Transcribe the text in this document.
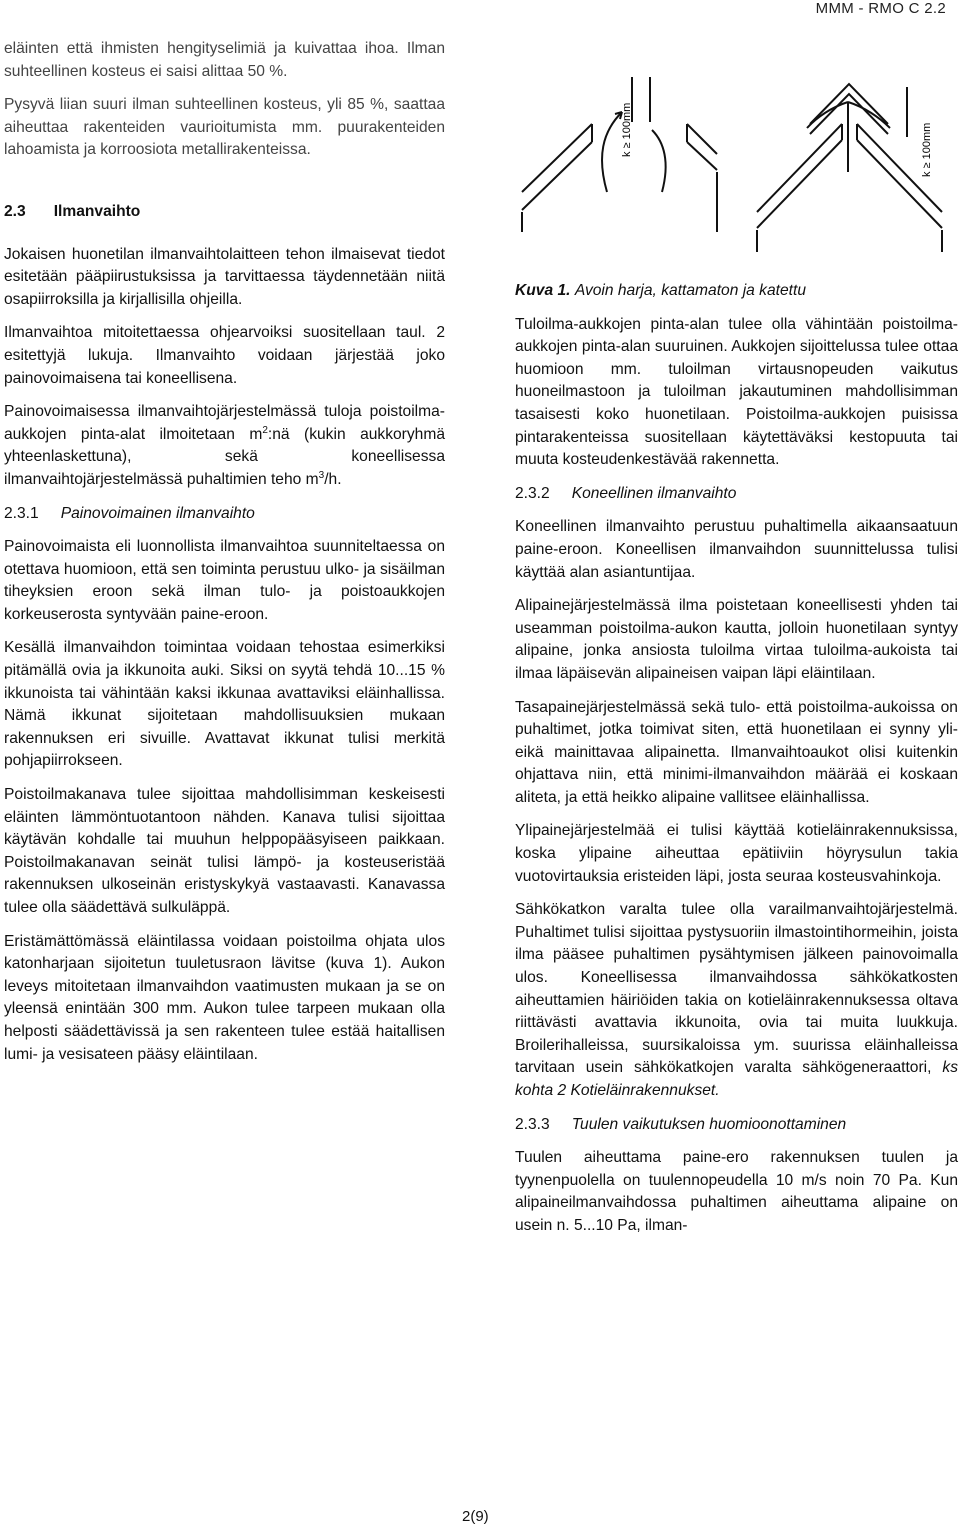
MMM - RMO C 2.2

eläinten että ihmisten hengityselimiä ja kuivattaa ihoa. Ilman suhteellinen kosteus ei saisi alittaa 50 %.

Pysyvä liian suuri ilman suhteellinen kosteus, yli 85 %, saattaa aiheuttaa rakenteiden vaurioitumista mm. puurakenteiden lahoamista ja korroosiota metallirakenteissa.

2.3 Ilmanvaihto

Jokaisen huonetilan ilmanvaihtolaitteen tehon ilmaisevat tiedot esitetään pääpiirustuksissa ja tarvittaessa täydennetään niitä osapiirroksilla ja kirjallisilla ohjeilla.

Ilmanvaihtoa mitoitettaessa ohjearvoiksi suositellaan taul. 2 esitettyjä lukuja. Ilmanvaihto voidaan järjestää joko painovoimaisena tai koneellisena.

Painovoimaisessa ilmanvaihtojärjestelmässä tuloja poistoilma-aukkojen pinta-alat ilmoitetaan $m^2:nä$ (kukin aukkoryhmä yhteenlaskettuna), sekä koneellisessa ilmanvaihtojärjestelmässä puhaltimien teho $m^3/h$.

2.3.1 Painovoimainen ilmanvaihto

Painovoimaista eli luonnollista ilmanvaihtoa suunniteltaessa on otettava huomioon, että sen toiminta perustuu ulko- ja sisäilman tiheyksien eroon sekä ilman tulo- ja poistoaukkojen korkeuserosta syntyvään paine-eroon.

Kesällä ilmanvaihdon toimintaa voidaan tehostaa esimerkiksi pitämällä ovia ja ikkunoita auki. Siksi on syytä tehdä 10...15 % ikkunoista tai vähintään kaksi ikkunaa avattaviksi eläinhallissa. Nämä ikkunat sijoitetaan mahdollisuuksien mukaan rakennuksen eri sivuille. Avattavat ikkunat tulisi merkitä pohjapiirrokseen.

Poistoilmakanava tulee sijoittaa mahdollisimman keskeisesti eläinten lämmöntuotantoon nähden. Kanava tulisi sijoittaa käytävän kohdalle tai muuhun helppopääsyiseen paikkaan. Poistoilmakanavan seinät tulisi lämpö- ja kosteuseristää rakennuksen ulkoseinän eristyskykyä vastaavasti. Kanavassa tulee olla säädettävä sulkuläppä.

Eristämättömässä eläintilassa voidaan poistoilma ohjata ulos katonharjaan sijoitetun tuuletusraon lävitse (kuva 1). Aukon leveys mitoitetaan ilmanvaihdon vaatimusten mukaan ja se on yleensä enintään 300 mm. Aukon tulee tarpeen mukaan olla helposti säädettävissä ja sen rakenteen tulee estää haitallisen lumi- ja vesisateen pääsy eläintilaan.

k ≥ 100mm	k ≥ 100mm

Kuva 1. Avoin harja, kattamaton ja katettu

Tuloilma-aukkojen pinta-alan tulee olla vähintään poistoilma-aukkojen pinta-alan suuruinen. Aukkojen sijoittelussa tulee ottaa huomioon mm. tuloilman virtausnopeuden vaikutus huoneilmastoon ja tuloilman jakautuminen mahdollisimman tasaisesti koko huonetilaan. Poistoilma-aukkojen puisissa pintarakenteissa suositellaan käytettäväksi kestopuuta tai muuta kosteudenkestävää rakennetta.

2.3.2 Koneellinen ilmanvaihto

Koneellinen ilmanvaihto perustuu puhaltimella aikaansaatuun paine-eroon. Koneellisen ilmanvaihdon suunnittelussa tulisi käyttää alan asiantuntijaa.

Alipainejärjestelmässä ilma poistetaan koneellisesti yhden tai useamman poistoilma-aukon kautta, jolloin huonetilaan syntyy alipaine, jonka ansiosta tuloilma virtaa tuloilma-aukoista tai ilmaa läpäisevän alipaineisen vaipan läpi eläintilaan.

Tasapainejärjestelmässä sekä tulo- että poistoilma-aukoissa on puhaltimet, jotka toimivat siten, että huonetilaan ei synny yli- eikä mainittavaa alipainetta. Ilmanvaihtoaukot olisi kuitenkin ohjattava niin, että minimi-ilmanvaihdon määrää ei koskaan aliteta, ja että heikko alipaine vallitsee eläinhallissa.

Ylipainejärjestelmää ei tulisi käyttää kotieläinrakennuksissa, koska ylipaine aiheuttaa epätiiviin höyrysulun takia vuotovirtauksia eristeiden läpi, josta seuraa kosteusvahinkoja.

Sähkökatkon varalta tulee olla varailmanvaihtojärjestelmä. Puhaltimet tulisi sijoittaa pystysuoriin ilmastointihormeihin, joista ilma pääsee puhaltimen pysähtymisen jälkeen painovoimalla ulos. Koneellisessa ilmanvaihdossa sähkökatkosten aiheuttamien häiriöiden takia on kotieläinrakennuksessa oltava riittävästi avattavia ikkunoita, ovia tai muita luukkuja. Broilerihalleissa, suursikaloissa ym. suurissa eläinhalleissa tarvitaan usein sähkökatkojen varalta sähkögeneraattori, ks kohta 2 Kotieläinrakennukset.

2.3.3 Tuulen vaikutuksen huomioonottaminen

Tuulen aiheuttama paine-ero rakennuksen tuulen ja tyynenpuolella on tuulennopeudella 10 m/s noin 70 Pa. Kun alipaineilmanvaihdossa puhaltimen aiheuttama alipaine on usein n. 5...10 Pa, ilman-

2(9)
